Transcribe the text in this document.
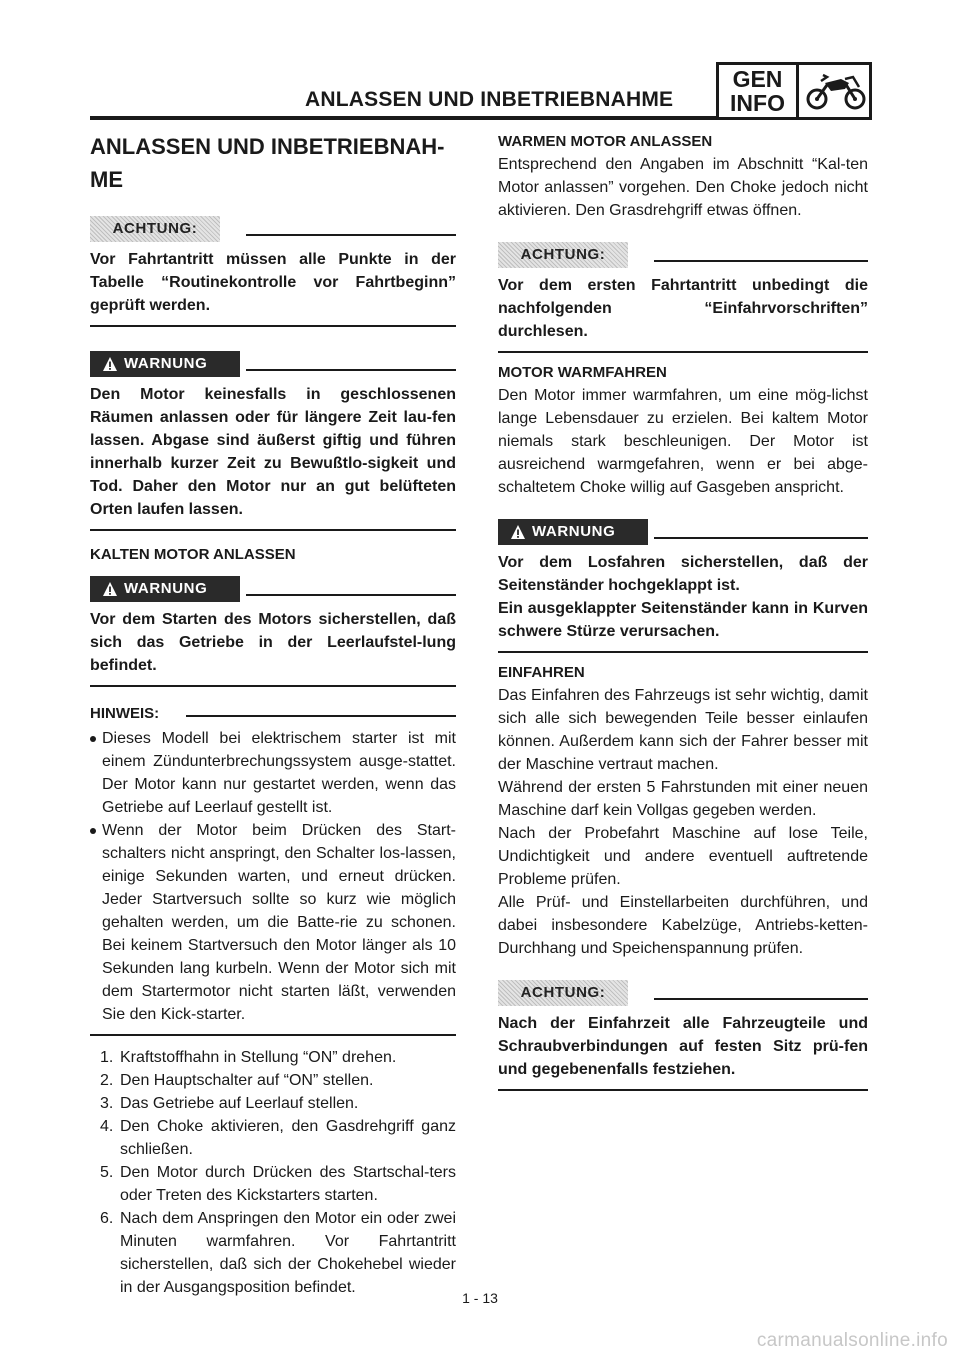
ANLASSEN UND INBETRIEBNAHME
GEN
INFO
ANLASSEN UND INBETRIEBNAH-
ME
ACHTUNG:
Vor Fahrtantritt müssen alle Punkte in der Tabelle “Routinekontrolle vor Fahrtbeginn” geprüft werden.
WARNUNG
Den Motor keinesfalls in geschlossenen Räumen anlassen oder für längere Zeit lau-fen lassen. Abgase sind äußerst giftig und führen innerhalb kurzer Zeit zu Bewußtlo-sigkeit und Tod. Daher den Motor nur an gut belüfteten Orten laufen lassen.
KALTEN MOTOR ANLASSEN
WARNUNG
Vor dem Starten des Motors sicherstellen, daß sich das Getriebe in der Leerlaufstel-lung befindet.
HINWEIS:
Dieses Modell bei elektrischem starter ist mit einem Zündunterbrechungssystem ausge-stattet. Der Motor kann nur gestartet werden, wenn das Getriebe auf Leerlauf gestellt ist.
Wenn der Motor beim Drücken des Start-schalters nicht anspringt, den Schalter los-lassen, einige Sekunden warten, und erneut drücken. Jeder Startversuch sollte so kurz wie möglich gehalten werden, um die Batte-rie zu schonen. Bei keinem Startversuch den Motor länger als 10 Sekunden lang kurbeln. Wenn der Motor sich mit dem Startermotor nicht starten läßt, verwenden Sie den Kick-starter.
1. Kraftstoffhahn in Stellung “ON” drehen.
2. Den Hauptschalter auf “ON” stellen.
3. Das Getriebe auf Leerlauf stellen.
4. Den Choke aktivieren, den Gasdrehgriff ganz schließen.
5. Den Motor durch Drücken des Startschal-ters oder Treten des Kickstarters starten.
6. Nach dem Anspringen den Motor ein oder zwei Minuten warmfahren. Vor Fahrtantritt sicherstellen, daß sich der Chokehebel wieder in der Ausgangsposition befindet.
WARMEN MOTOR ANLASSEN
Entsprechend den Angaben im Abschnitt “Kal-ten Motor anlassen” vorgehen. Den Choke jedoch nicht aktivieren. Den Grasdrehgriff etwas öffnen.
ACHTUNG:
Vor dem ersten Fahrtantritt unbedingt die nachfolgenden “Einfahrvorschriften” durchlesen.
MOTOR WARMFAHREN
Den Motor immer warmfahren, um eine mög-lichst lange Lebensdauer zu erzielen. Bei kaltem Motor niemals stark beschleunigen. Der Motor ist ausreichend warmgefahren, wenn er bei abge-schaltetem Choke willig auf Gasgeben anspricht.
WARNUNG
Vor dem Losfahren sicherstellen, daß der Seitenständer hochgeklappt ist.
Ein ausgeklappter Seitenständer kann in Kurven schwere Stürze verursachen.
EINFAHREN
Das Einfahren des Fahrzeugs ist sehr wichtig, damit sich alle sich bewegenden Teile besser einlaufen können. Außerdem kann sich der Fahrer besser mit der Maschine vertraut machen.
Während der ersten 5 Fahrstunden mit einer neuen Maschine darf kein Vollgas gegeben werden.
Nach der Probefahrt Maschine auf lose Teile, Undichtigkeit und andere eventuell auftretende Probleme prüfen.
Alle Prüf- und Einstellarbeiten durchführen, und dabei insbesondere Kabelzüge, Antriebs-ketten-Durchhang und Speichenspannung prüfen.
ACHTUNG:
Nach der Einfahrzeit alle Fahrzeugteile und Schraubverbindungen auf festen Sitz prü-fen und gegebenenfalls festziehen.
1 - 13
carmanualsonline.info
